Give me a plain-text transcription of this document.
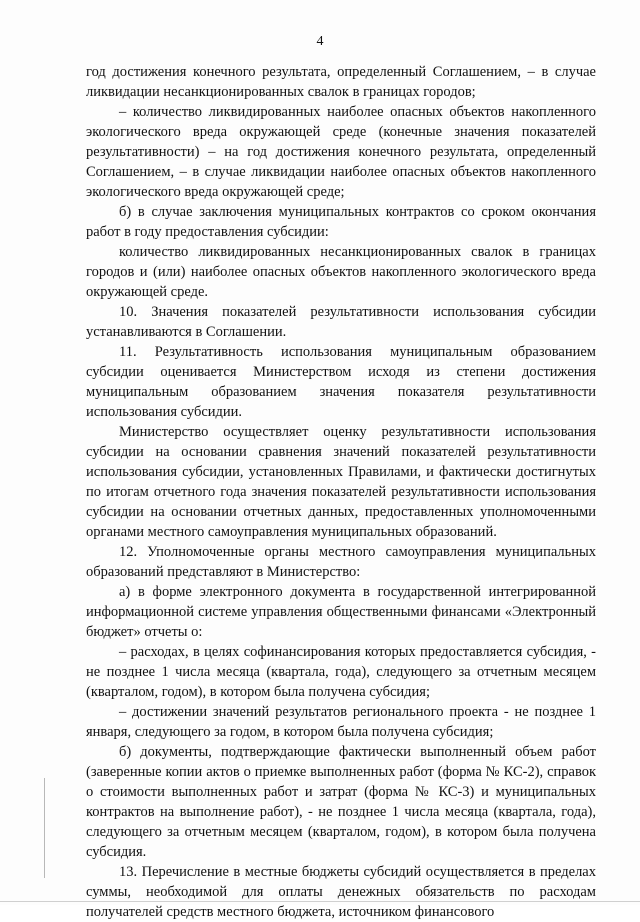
4

год достижения конечного результата, определенный Соглашением, – в случае ликвидации несанкционированных свалок в границах городов;

– количество ликвидированных наиболее опасных объектов накопленного экологического вреда окружающей среде (конечные значения показателей результативности) – на год достижения конечного результата, определенный Соглашением, – в случае ликвидации наиболее опасных объектов накопленного экологического вреда окружающей среде;

б) в случае заключения муниципальных контрактов со сроком окончания работ в году предоставления субсидии:

количество ликвидированных несанкционированных свалок в границах городов и (или) наиболее опасных объектов накопленного экологического вреда окружающей среде.

10. Значения показателей результативности использования субсидии устанавливаются в Соглашении.

11. Результативность использования муниципальным образованием субсидии оценивается Министерством исходя из степени достижения муниципальным образованием значения показателя результативности использования субсидии.

Министерство осуществляет оценку результативности использования субсидии на основании сравнения значений показателей результативности использования субсидии, установленных Правилами, и фактически достигнутых по итогам отчетного года значения показателей результативности использования субсидии на основании отчетных данных, предоставленных уполномоченными органами местного самоуправления муниципальных образований.

12. Уполномоченные органы местного самоуправления муниципальных образований представляют в Министерство:

а) в форме электронного документа в государственной интегрированной информационной системе управления общественными финансами «Электронный бюджет» отчеты о:

– расходах, в целях софинансирования которых предоставляется субсидия, - не позднее 1 числа месяца (квартала, года), следующего за отчетным месяцем (кварталом, годом), в котором была получена субсидия;

– достижении значений результатов регионального проекта - не позднее 1 января, следующего за годом, в котором была получена субсидия;

б) документы, подтверждающие фактически выполненный объем работ (заверенные копии актов о приемке выполненных работ (форма № КС-2), справок о стоимости выполненных работ и затрат (форма № КС-3) и муниципальных контрактов на выполнение работ), - не позднее 1 числа месяца (квартала, года), следующего за отчетным месяцем (кварталом, годом), в котором была получена субсидия.

13. Перечисление в местные бюджеты субсидий осуществляется в пределах суммы, необходимой для оплаты денежных обязательств по расходам получателей средств местного бюджета, источником финансового
